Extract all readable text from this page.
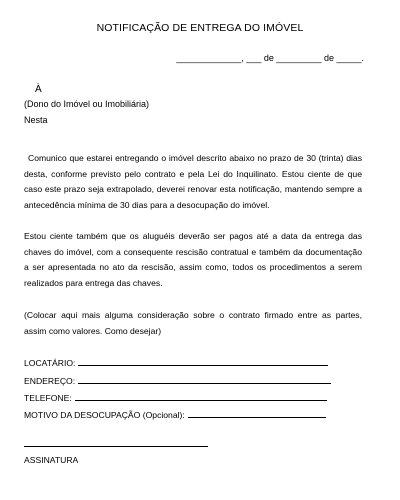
NOTIFICAÇÃO DE ENTREGA DO IMÓVEL
_____________, ___ de _________ de _____.
À
(Dono do Imóvel ou Imobiliária)
Nesta
Comunico que estarei entregando o imóvel descrito abaixo no prazo de 30 (trinta) dias desta, conforme previsto pelo contrato e pela Lei do Inquilinato. Estou ciente de que caso este prazo seja extrapolado, deverei renovar esta notificação, mantendo sempre a antecedência mínima de 30 dias para a desocupação do imóvel.
Estou ciente também que os aluguéis deverão ser pagos até a data da entrega das chaves do imóvel, com a consequente rescisão contratual e também da documentação a ser apresentada no ato da rescisão, assim como, todos os procedimentos a serem realizados para entrega das chaves.
(Colocar aqui mais alguma consideração sobre o contrato firmado entre as partes, assim como valores. Como desejar)
LOCATÁRIO:
ENDEREÇO:
TELEFONE:
MOTIVO DA DESOCUPAÇÃO (Opcional):
ASSINATURA
